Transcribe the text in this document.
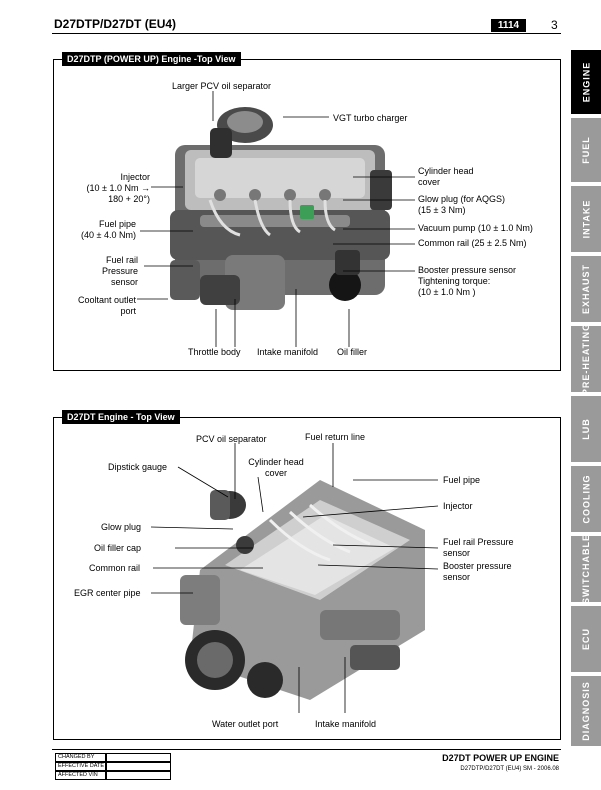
D27DTP/D27DT (EU4)	1114	3
ENGINE
FUEL
INTAKE
EXHAUST
PRE-HEATING
LUB
COOLING
SWITCHABLE
ECU
DIAGNOSIS
D27DTP (POWER UP) Engine -Top View
Larger PCV oil separator
VGT turbo charger
Injector
(10 ± 1.0 Nm →
180 + 20°)
Cylinder head
cover
Glow plug (for AQGS)
(15 ± 3 Nm)
Fuel pipe
(40 ± 4.0 Nm)
Vacuum pump (10 ± 1.0 Nm)
Common rail (25 ± 2.5 Nm)
Fuel rail
Pressure
sensor
Booster pressure sensor
Tightening torque:
(10 ± 1.0 Nm )
Cooltant outlet
port
Throttle body Intake manifold Oil filler
D27DT Engine - Top View
PCV oil separator	Fuel return line
Dipstick gauge	Cylinder head
cover
Fuel pipe
Injector
Glow plug
Oil filler cap
Fuel rail Pressure
sensor
Common rail	Booster pressure
sensor
EGR center pipe
Water outlet port	Intake manifold
CHANGED BY
EFFECTIVE DATE
AFFECTED VIN
D27DT POWER UP ENGINE
D27DTP/D27DT (EU4) SM - 2006.08
